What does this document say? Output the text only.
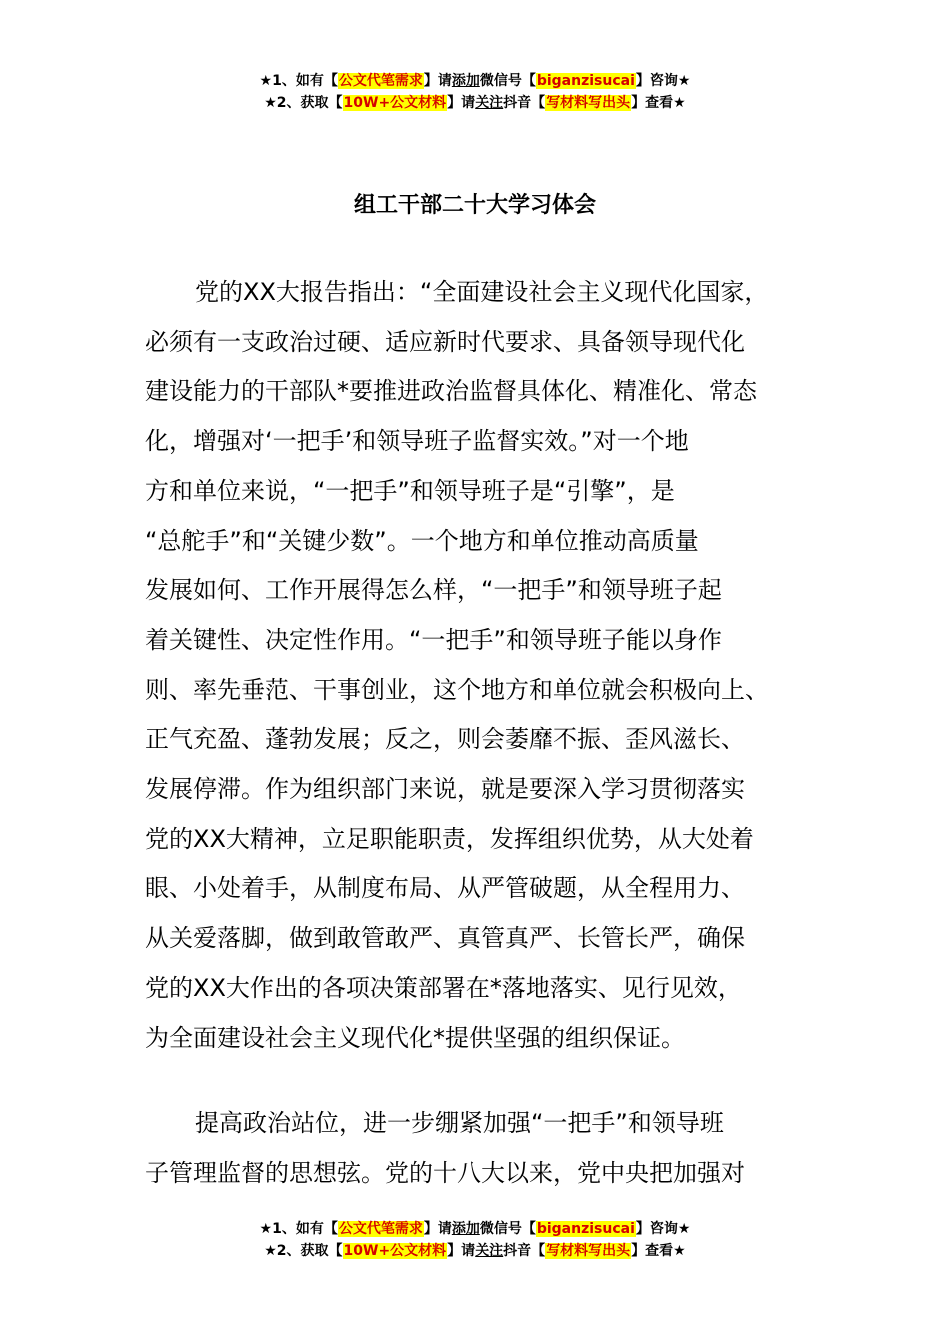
★1、如有【公文代笔需求】请添加微信号【biganzisucai】咨询★
★2、获取【10W+公文材料】请关注抖音【写材料写出头】查看★
组工干部二十大学习体会

党的XX大报告指出：“全面建设社会主义现代化国家，
必须有一支政治过硬、适应新时代要求、具备领导现代化
建设能力的干部队*要推进政治监督具体化、精准化、常态
化，增强对‘一把手’和领导班子监督实效。”对一个地
方和单位来说，“一把手”和领导班子是“引擎”，是
“总舵手”和“关键少数”。一个地方和单位推动高质量
发展如何、工作开展得怎么样，“一把手”和领导班子起
着关键性、决定性作用。“一把手”和领导班子能以身作
则、率先垂范、干事创业，这个地方和单位就会积极向上、
正气充盈、蓬勃发展；反之，则会萎靡不振、歪风滋长、
发展停滞。作为组织部门来说，就是要深入学习贯彻落实
党的XX大精神，立足职能职责，发挥组织优势，从大处着
眼、小处着手，从制度布局、从严管破题，从全程用力、
从关爱落脚，做到敢管敢严、真管真严、长管长严，确保
党的XX大作出的各项决策部署在*落地落实、见行见效，
为全面建设社会主义现代化*提供坚强的组织保证。

提高政治站位，进一步绷紧加强“一把手”和领导班
子管理监督的思想弦。党的十八大以来，党中央把加强对

★1、如有【公文代笔需求】请添加微信号【biganzisucai】咨询★
★2、获取【10W+公文材料】请关注抖音【写材料写出头】查看★
